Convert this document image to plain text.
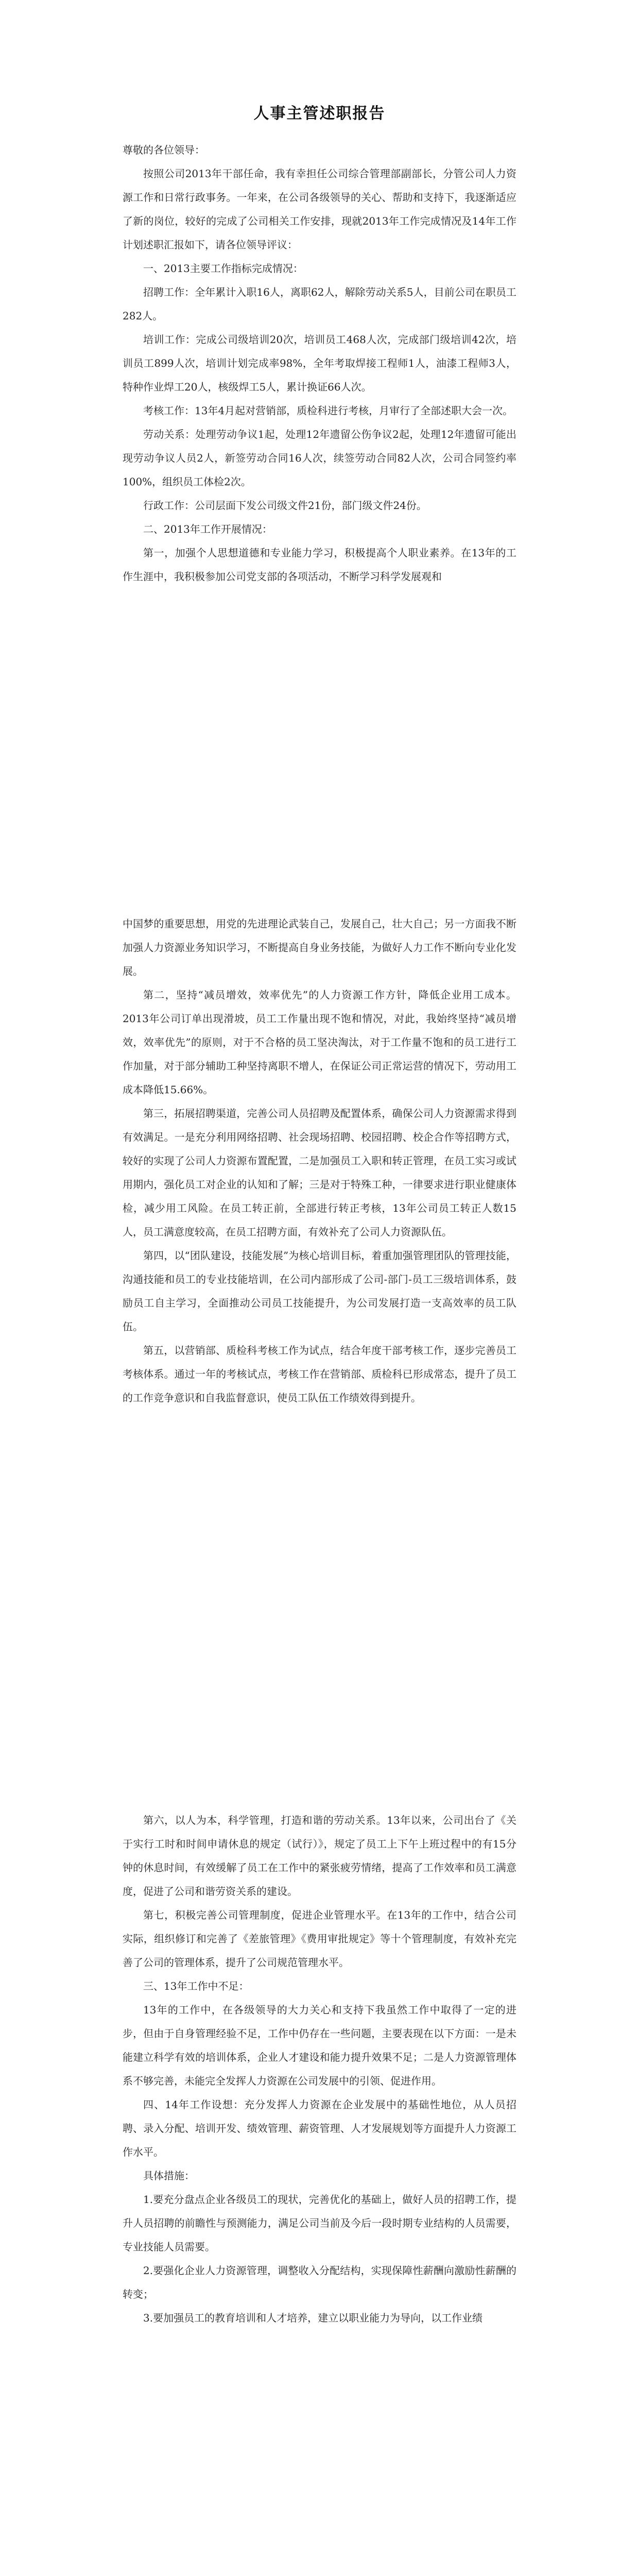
人事主管述职报告

尊敬的各位领导：

按照公司2013年干部任命，我有幸担任公司综合管理部副部长，分管公司人力资源工作和日常行政事务。一年来，在公司各级领导的关心、帮助和支持下，我逐渐适应了新的岗位，较好的完成了公司相关工作安排，现就2013年工作完成情况及14年工作计划述职汇报如下，请各位领导评议：

一、2013主要工作指标完成情况：

招聘工作：全年累计入职16人，离职62人，解除劳动关系5人，目前公司在职员工282人。

培训工作：完成公司级培训20次，培训员工468人次，完成部门级培训42次，培训员工899人次，培训计划完成率98%，全年考取焊接工程师1人，油漆工程师3人，特种作业焊工20人，核级焊工5人，累计换证66人次。

考核工作：13年4月起对营销部，质检科进行考核，月审行了全部述职大会一次。

劳动关系：处理劳动争议1起，处理12年遗留公伤争议2起，处理12年遗留可能出现劳动争议人员2人，新签劳动合同16人次，续签劳动合同82人次，公司合同签约率100%，组织员工体检2次。

行政工作：公司层面下发公司级文件21份，部门级文件24份。

二、2013年工作开展情况：

第一，加强个人思想道德和专业能力学习，积极提高个人职业素养。在13年的工作生涯中，我积极参加公司党支部的各项活动，不断学习科学发展观和

中国梦的重要思想，用党的先进理论武装自己，发展自己，壮大自己；另一方面我不断加强人力资源业务知识学习，不断提高自身业务技能，为做好人力工作不断向专业化发展。

第二，坚持“减员增效，效率优先”的人力资源工作方针，降低企业用工成本。2013年公司订单出现滑坡，员工工作量出现不饱和情况，对此，我始终坚持“减员增效，效率优先”的原则，对于不合格的员工坚决淘汰，对于工作量不饱和的员工进行工作加量，对于部分辅助工种坚持离职不增人，在保证公司正常运营的情况下，劳动用工成本降低15.66%。

第三，拓展招聘渠道，完善公司人员招聘及配置体系，确保公司人力资源需求得到有效满足。一是充分利用网络招聘、社会现场招聘、校园招聘、校企合作等招聘方式，较好的实现了公司人力资源布置配置，二是加强员工入职和转正管理，在员工实习或试用期内，强化员工对企业的认知和了解；三是对于特殊工种，一律要求进行职业健康体检，减少用工风险。在员工转正前，全部进行转正考核，13年公司员工转正人数15人，员工满意度较高，在员工招聘方面，有效补充了公司人力资源队伍。

第四，以“团队建设，技能发展”为核心培训目标，着重加强管理团队的管理技能，沟通技能和员工的专业技能培训，在公司内部形成了公司-部门-员工三级培训体系，鼓励员工自主学习，全面推动公司员工技能提升，为公司发展打造一支高效率的员工队伍。

第五，以营销部、质检科考核工作为试点，结合年度干部考核工作，逐步完善员工考核体系。通过一年的考核试点，考核工作在营销部、质检科已形成常态，提升了员工的工作竞争意识和自我监督意识，使员工队伍工作绩效得到提升。

第六，以人为本，科学管理，打造和谐的劳动关系。13年以来，公司出台了《关于实行工时和时间申请休息的规定（试行）》，规定了员工上下午上班过程中的有15分钟的休息时间，有效缓解了员工在工作中的紧张疲劳情绪，提高了工作效率和员工满意度，促进了公司和谐劳资关系的建设。

第七，积极完善公司管理制度，促进企业管理水平。在13年的工作中，结合公司实际，组织修订和完善了《差旅管理》《费用审批规定》等十个管理制度，有效补充完善了公司的管理体系，提升了公司规范管理水平。

三、13年工作中不足：

13年的工作中，在各级领导的大力关心和支持下我虽然工作中取得了一定的进步，但由于自身管理经验不足，工作中仍存在一些问题，主要表现在以下方面：一是未能建立科学有效的培训体系，企业人才建设和能力提升效果不足；二是人力资源管理体系不够完善，未能完全发挥人力资源在公司发展中的引领、促进作用。

四、14年工作设想：充分发挥人力资源在企业发展中的基础性地位，从人员招聘、录入分配、培训开发、绩效管理、薪资管理、人才发展规划等方面提升人力资源工作水平。

具体措施：

1.要充分盘点企业各级员工的现状，完善优化的基础上，做好人员的招聘工作，提升人员招聘的前瞻性与预测能力，满足公司当前及今后一段时期专业结构的人员需要，专业技能人员需要。

2.要强化企业人力资源管理，调整收入分配结构，实现保障性薪酬向激励性薪酬的转变；

3.要加强员工的教育培训和人才培养，建立以职业能力为导向，以工作业绩
